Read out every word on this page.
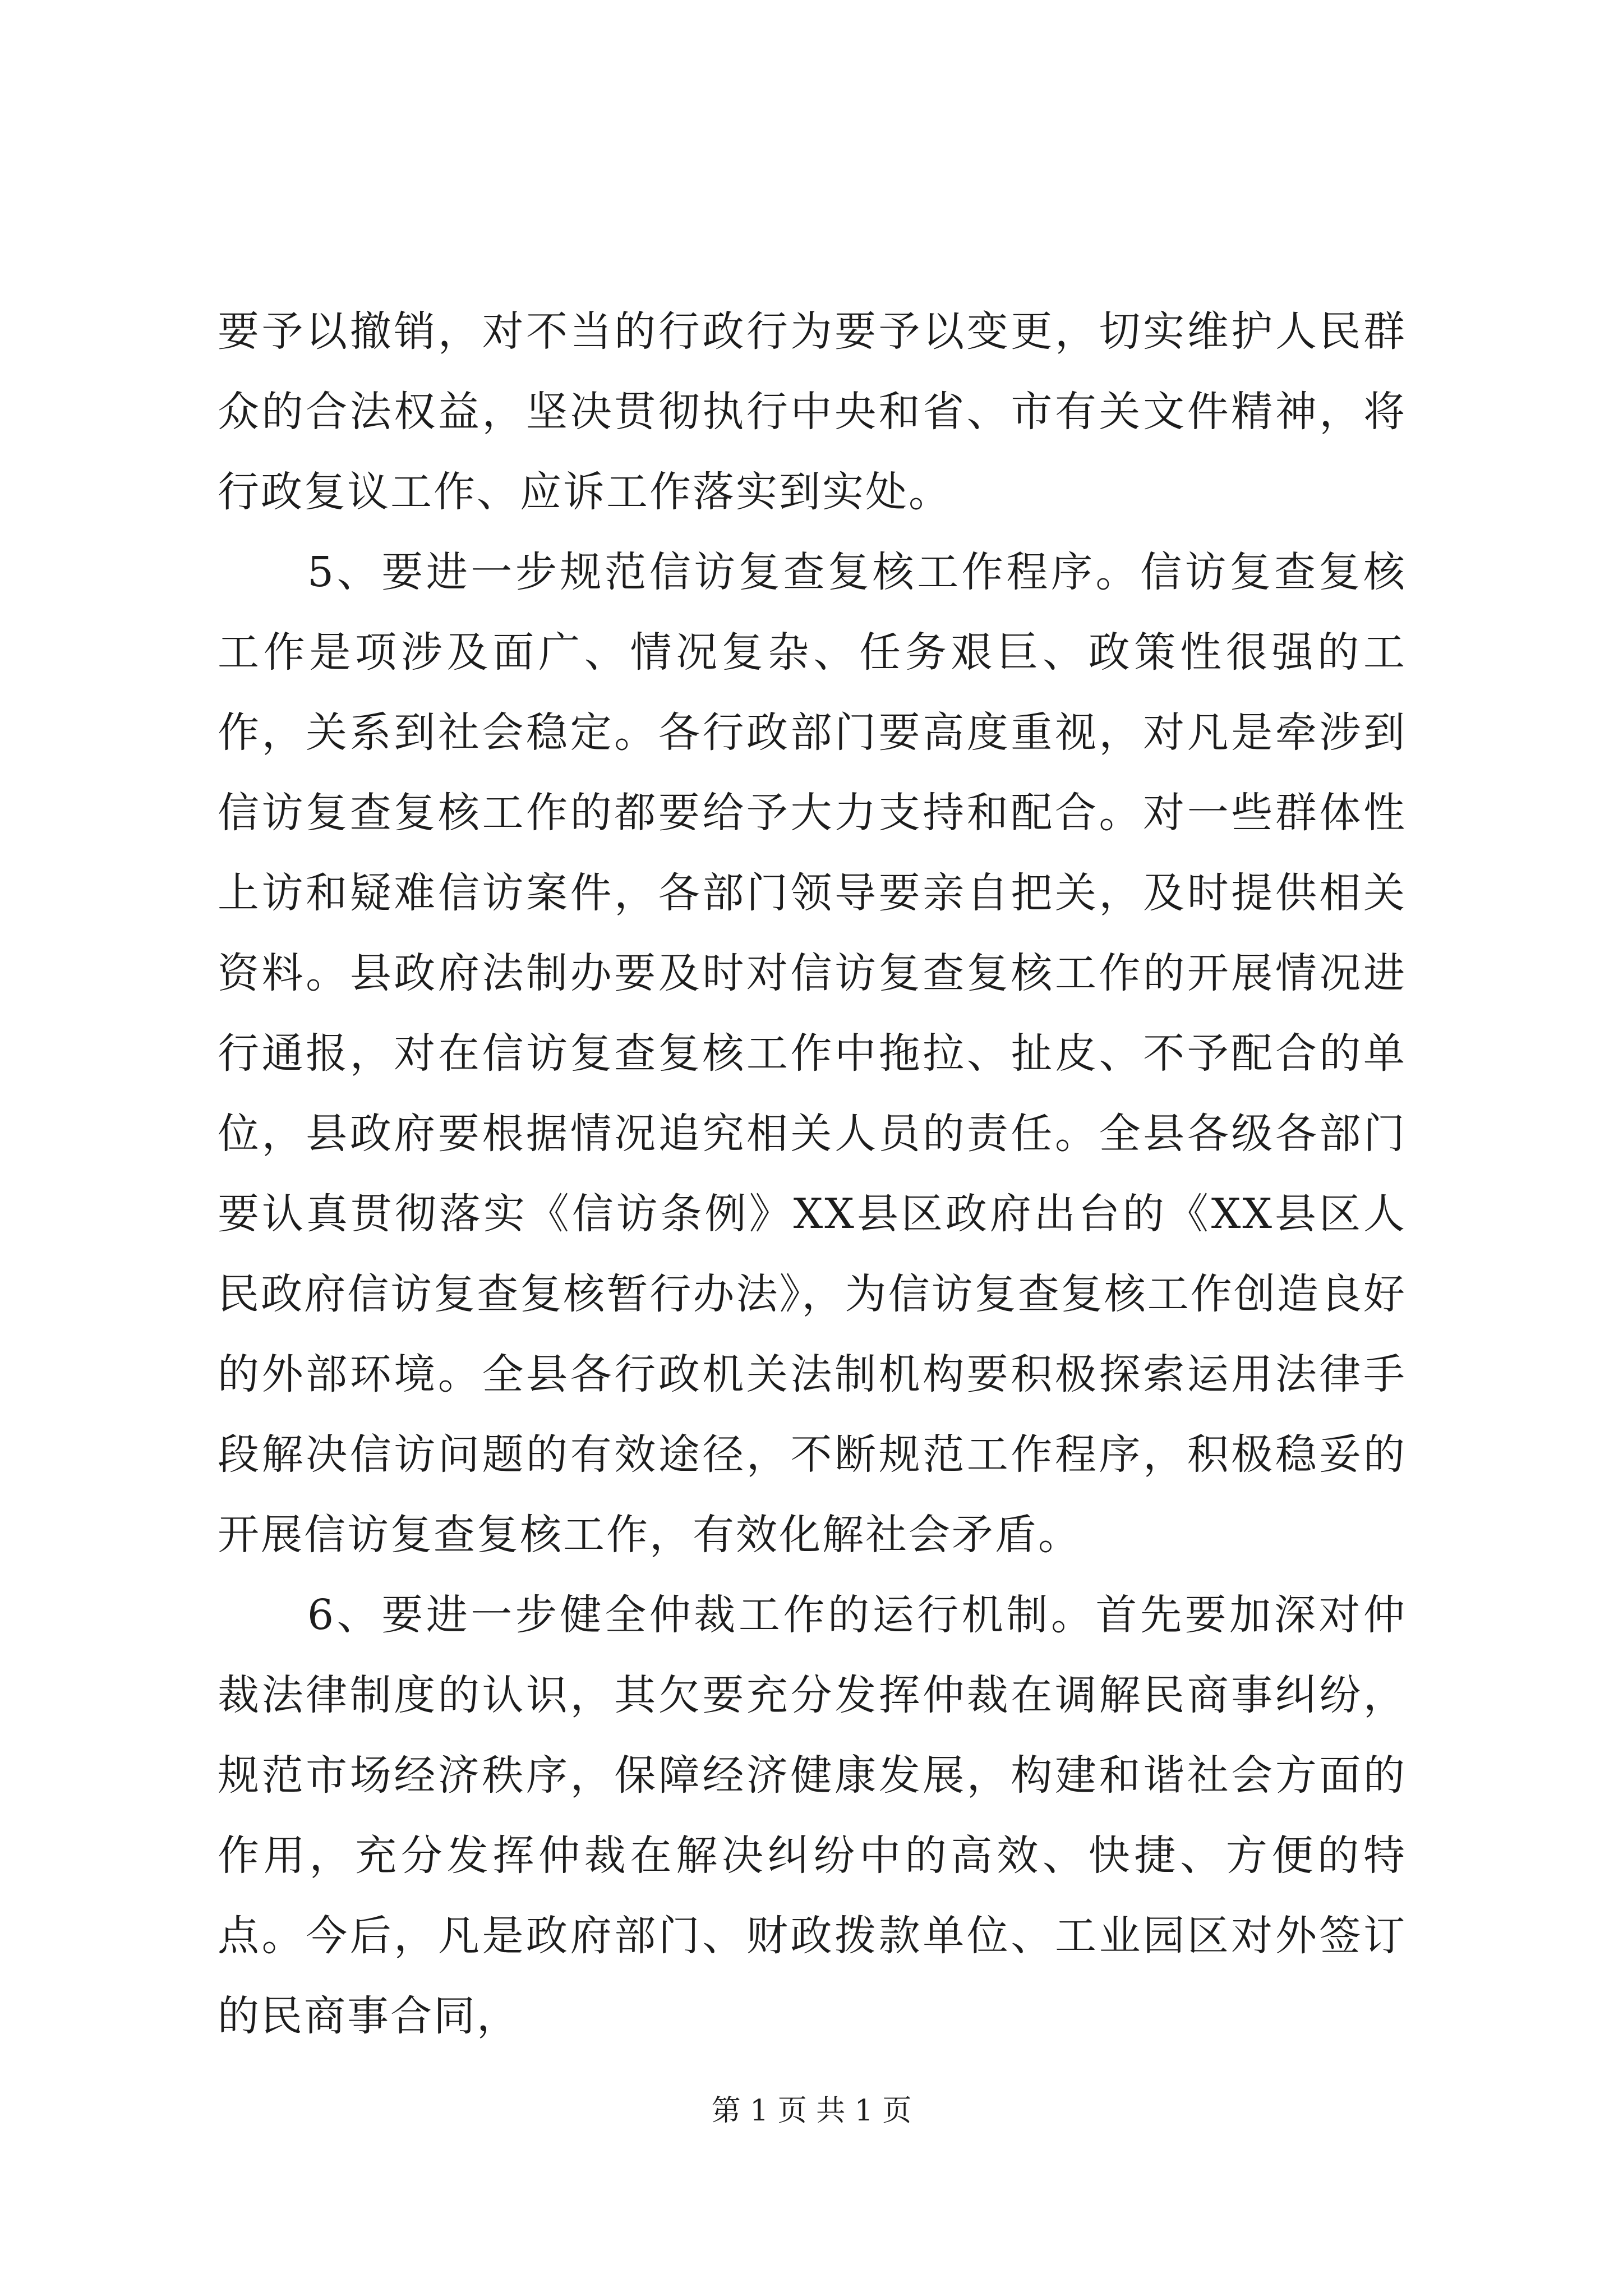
要予以撤销，对不当的行政行为要予以变更，切实维护人民群众的合法权益，坚决贯彻执行中央和省、市有关文件精神，将行政复议工作、应诉工作落实到实处。

5、要进一步规范信访复查复核工作程序。信访复查复核工作是项涉及面广、情况复杂、任务艰巨、政策性很强的工作，关系到社会稳定。各行政部门要高度重视，对凡是牵涉到信访复查复核工作的都要给予大力支持和配合。对一些群体性上访和疑难信访案件，各部门领导要亲自把关，及时提供相关资料。县政府法制办要及时对信访复查复核工作的开展情况进行通报，对在信访复查复核工作中拖拉、扯皮、不予配合的单位，县政府要根据情况追究相关人员的责任。全县各级各部门要认真贯彻落实《信访条例》XX县区政府出台的《XX县区人民政府信访复查复核暂行办法》，为信访复查复核工作创造良好的外部环境。全县各行政机关法制机构要积极探索运用法律手段解决信访问题的有效途径，不断规范工作程序，积极稳妥的开展信访复查复核工作，有效化解社会矛盾。

6、要进一步健全仲裁工作的运行机制。首先要加深对仲裁法律制度的认识，其欠要充分发挥仲裁在调解民商事纠纷，规范市场经济秩序，保障经济健康发展，构建和谐社会方面的作用，充分发挥仲裁在解决纠纷中的高效、快捷、方便的特点。今后，凡是政府部门、财政拨款单位、工业园区对外签订的民商事合同，

第 1 页 共 1 页
